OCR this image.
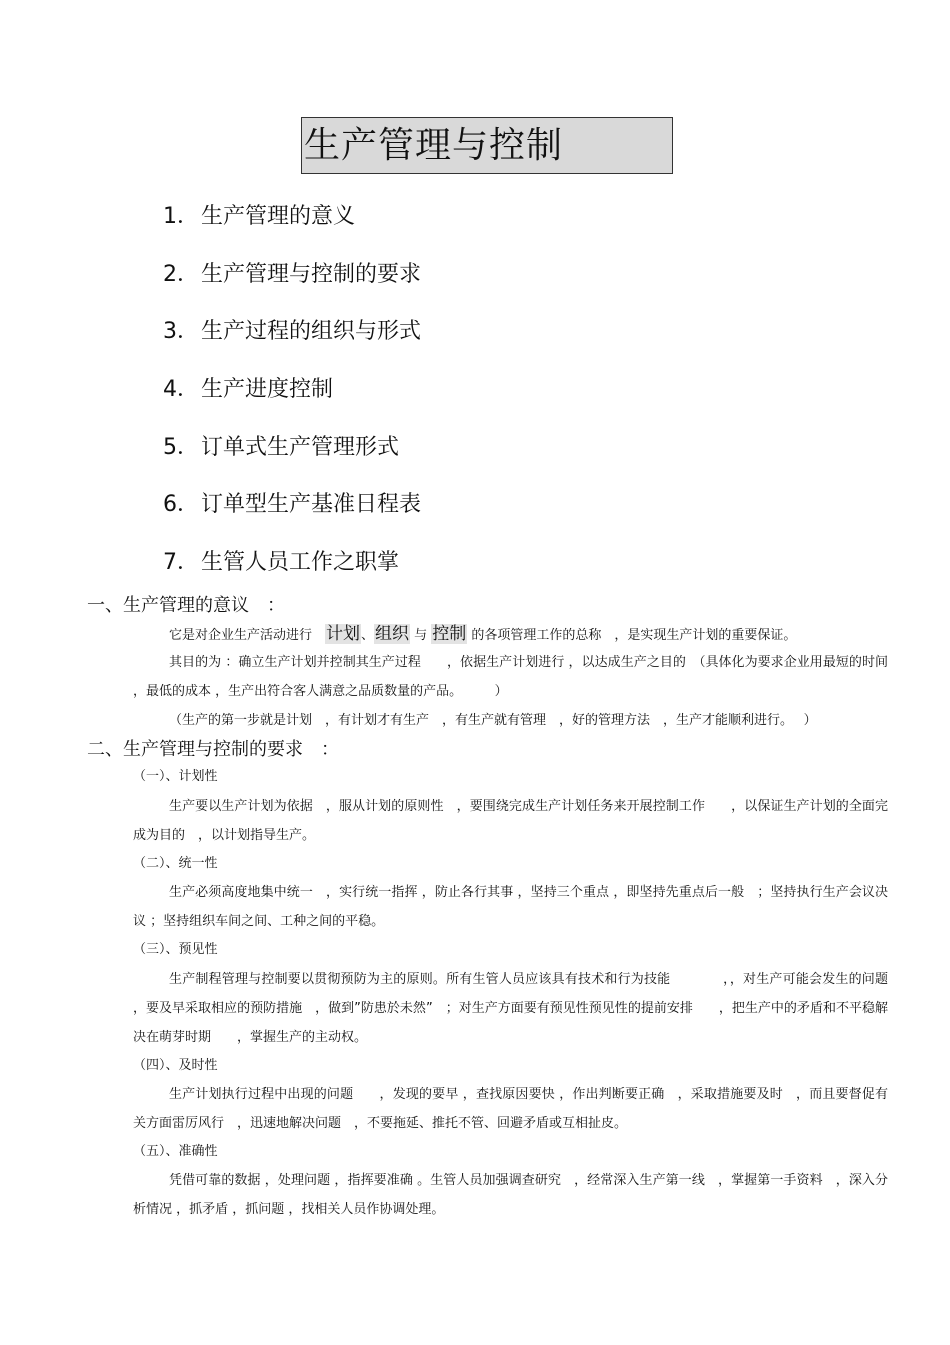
生产管理与控制
1．生产管理的意义
2．生产管理与控制的要求
3．生产过程的组织与形式
4．生产进度控制
5．订单式生产管理形式
6．订单型生产基准日程表
7．生管人员工作之职掌
一、生产管理的意议　：
它是对企业生产活动进行　计划、组织 与 控制 的各项管理工作的总称　，是实现生产计划的重要保证。
其目的为 ：确立生产计划并控制其生产过程　　，依据生产计划进行 ，以达成生产之目的　（具体化为要求企业用最短的时间 ，最低的成本 ，生产出符合客人满意之品质数量的产品。　　　）
（生产的第一步就是计划　，有计划才有生产　，有生产就有管理　，好的管理方法　，生产才能顺利进行。　 ）
二、生产管理与控制的要求　：
（一）、计划性
生产要以生产计划为依据　，服从计划的原则性　，要围绕完成生产计划任务来开展控制工作　　，以保证生产计划的全面完成为目的　，以计划指导生产。
（二）、统一性
生产必须高度地集中统一　，实行统一指挥 ，防止各行其事 ，坚持三个重点 ，即坚持先重点后一般　；坚持执行生产会议决议 ；坚持组织车间之间、工种之间的平稳。
（三）、预见性
生产制程管理与控制要以贯彻预防为主的原则。所有生管人员应该具有技术和行为技能　　　　，，对生产可能会发生的问题 ，要及早采取相应的预防措施　，做到”防患於未然”　；对生产方面要有预见性预见性的提前安排　　，把生产中的矛盾和不平稳解决在萌芽时期　　，掌握生产的主动权。
（四）、及时性
生产计划执行过程中出现的问题　　，发现的要早 ，查找原因要快 ，作出判断要正确　，采取措施要及时　，而且要督促有关方面雷厉风行　，迅速地解决问题　，不要拖延、推托不管、回避矛盾或互相扯皮。
（五）、准确性
凭借可靠的数据 ，处理问题 ，指挥要准确 。生管人员加强调查研究　，经常深入生产第一线　，掌握第一手资料　，深入分析情况 ，抓矛盾 ，抓问题 ，找相关人员作协调处理。
